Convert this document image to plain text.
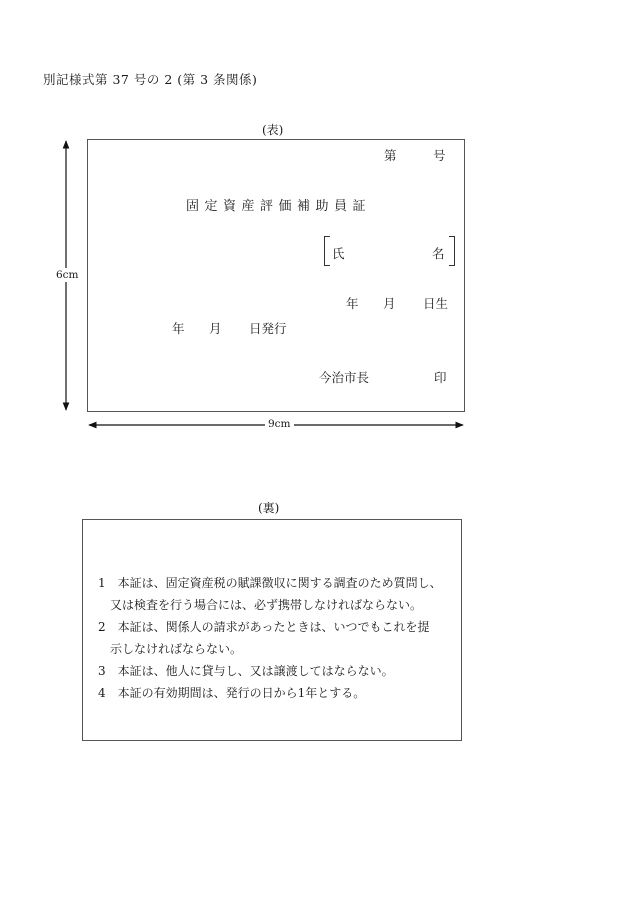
別記様式第 37 号の 2 (第 3 条関係)
(表)
第	号
固定資産評価補助員証
氏	名
年 月 日生
年 月 日発行
今治市長	印
6cm
9cm
(裏)
1　本証は、固定資産税の賦課徴収に関する調査のため質問し、
　又は検査を行う場合には、必ず携帯しなければならない。
2　本証は、関係人の請求があったときは、いつでもこれを提
　示しなければならない。
3　本証は、他人に貸与し、又は譲渡してはならない。
4　本証の有効期間は、発行の日から1年とする。
